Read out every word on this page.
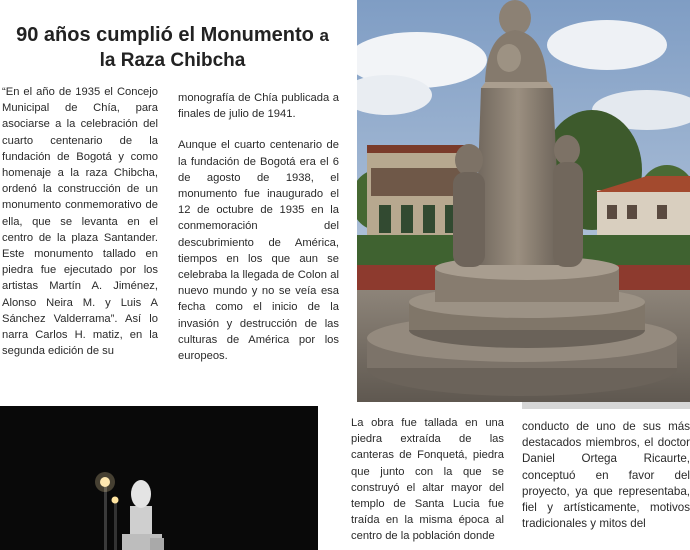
90 años cumplió el Monumento a
la Raza Chibcha

“En el año de 1935 el Concejo Municipal de Chía, para asociarse a la celebración del cuarto centenario de la fundación de Bogotá y como homenaje a la raza Chibcha, ordenó la construcción de un monumento conmemorativo de ella, que se levanta en el centro de la plaza Santander. Este monumento tallado en piedra fue ejecutado por los artistas Martín A. Jiménez, Alonso Neira M. y Luis A Sánchez Valderrama”. Así lo narra Carlos H. matiz, en la segunda edición de su

monografía de Chía publicada a finales de julio de 1941.

Aunque el cuarto centenario de la fundación de Bogotá era el 6 de agosto de 1938, el monumento fue inaugurado el 12 de octubre de 1935 en la conmemoración del descubrimiento de América, tiempos en los que aun se celebraba la llegada de Colon al nuevo mundo y no se veía esa fecha como el inicio de la invasión y destrucción de las culturas de América por los europeos.

La obra fue tallada en una piedra extraída de las canteras de Fonquetá, piedra que junto con la que se construyó el altar mayor del templo de Santa Lucia fue traída en la misma época al centro de la población donde

conducto de uno de sus más destacados miembros, el doctor Daniel Ortega Ricaurte, conceptuó en favor del proyecto, ya que representaba, fiel y artísticamente, motivos tradicionales y mitos del
